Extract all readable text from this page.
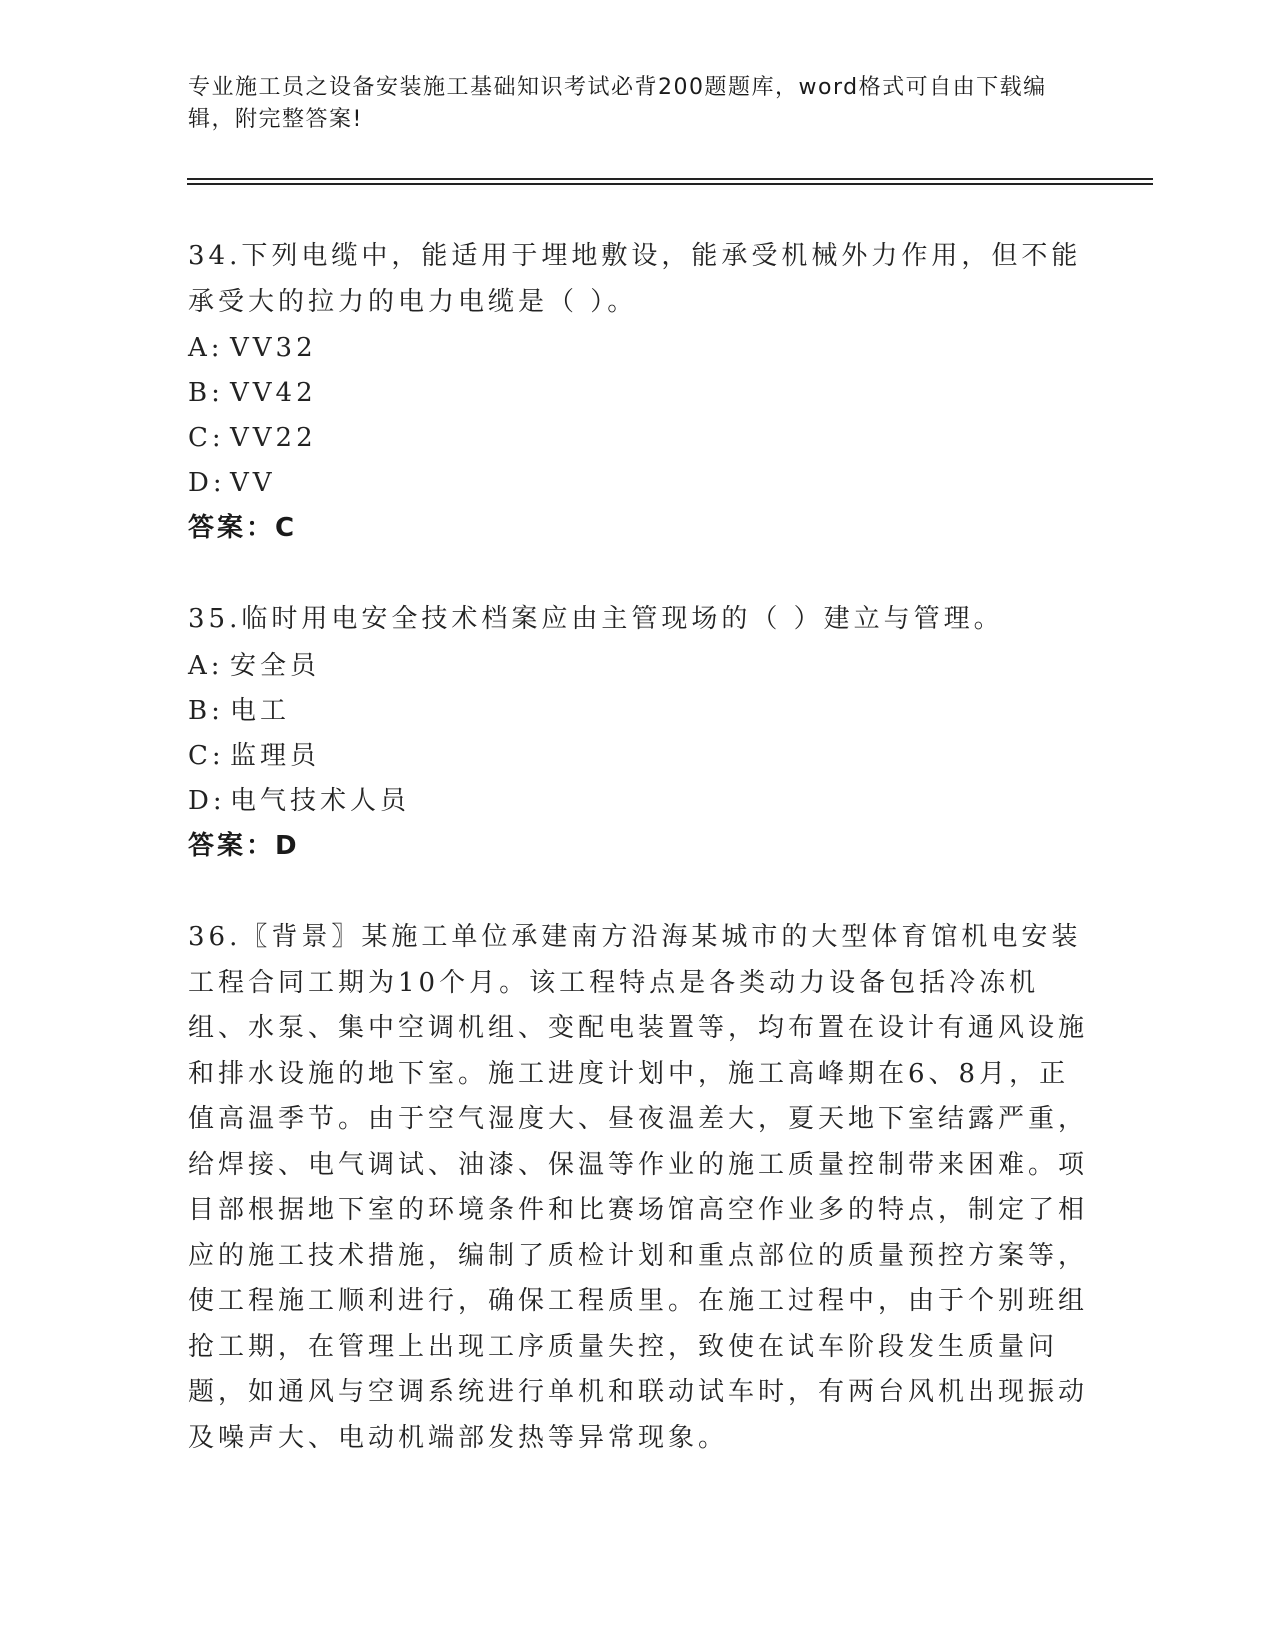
专业施工员之设备安装施工基础知识考试必背200题题库，word格式可自由下载编辑，附完整答案!
34.下列电缆中，能适用于埋地敷设，能承受机械外力作用，但不能承受大的拉力的电力电缆是（ ）。
A: VV32
B: VV42
C: VV22
D: VV
答案：C
35.临时用电安全技术档案应由主管现场的（ ）建立与管理。
A: 安全员
B: 电工
C: 监理员
D: 电气技术人员
答案：D
36.〖背景〗某施工单位承建南方沿海某城市的大型体育馆机电安装工程合同工期为10个月。该工程特点是各类动力设备包括冷冻机组、水泵、集中空调机组、变配电装置等，均布置在设计有通风设施和排水设施的地下室。施工进度计划中，施工高峰期在6、8月，正值高温季节。由于空气湿度大、昼夜温差大，夏天地下室结露严重，给焊接、电气调试、油漆、保温等作业的施工质量控制带来困难。项目部根据地下室的环境条件和比赛场馆高空作业多的特点，制定了相应的施工技术措施，编制了质检计划和重点部位的质量预控方案等，使工程施工顺利进行，确保工程质里。在施工过程中，由于个别班组抢工期，在管理上出现工序质量失控，致使在试车阶段发生质量问题，如通风与空调系统进行单机和联动试车时，有两台风机出现振动及噪声大、电动机端部发热等异常现象。
